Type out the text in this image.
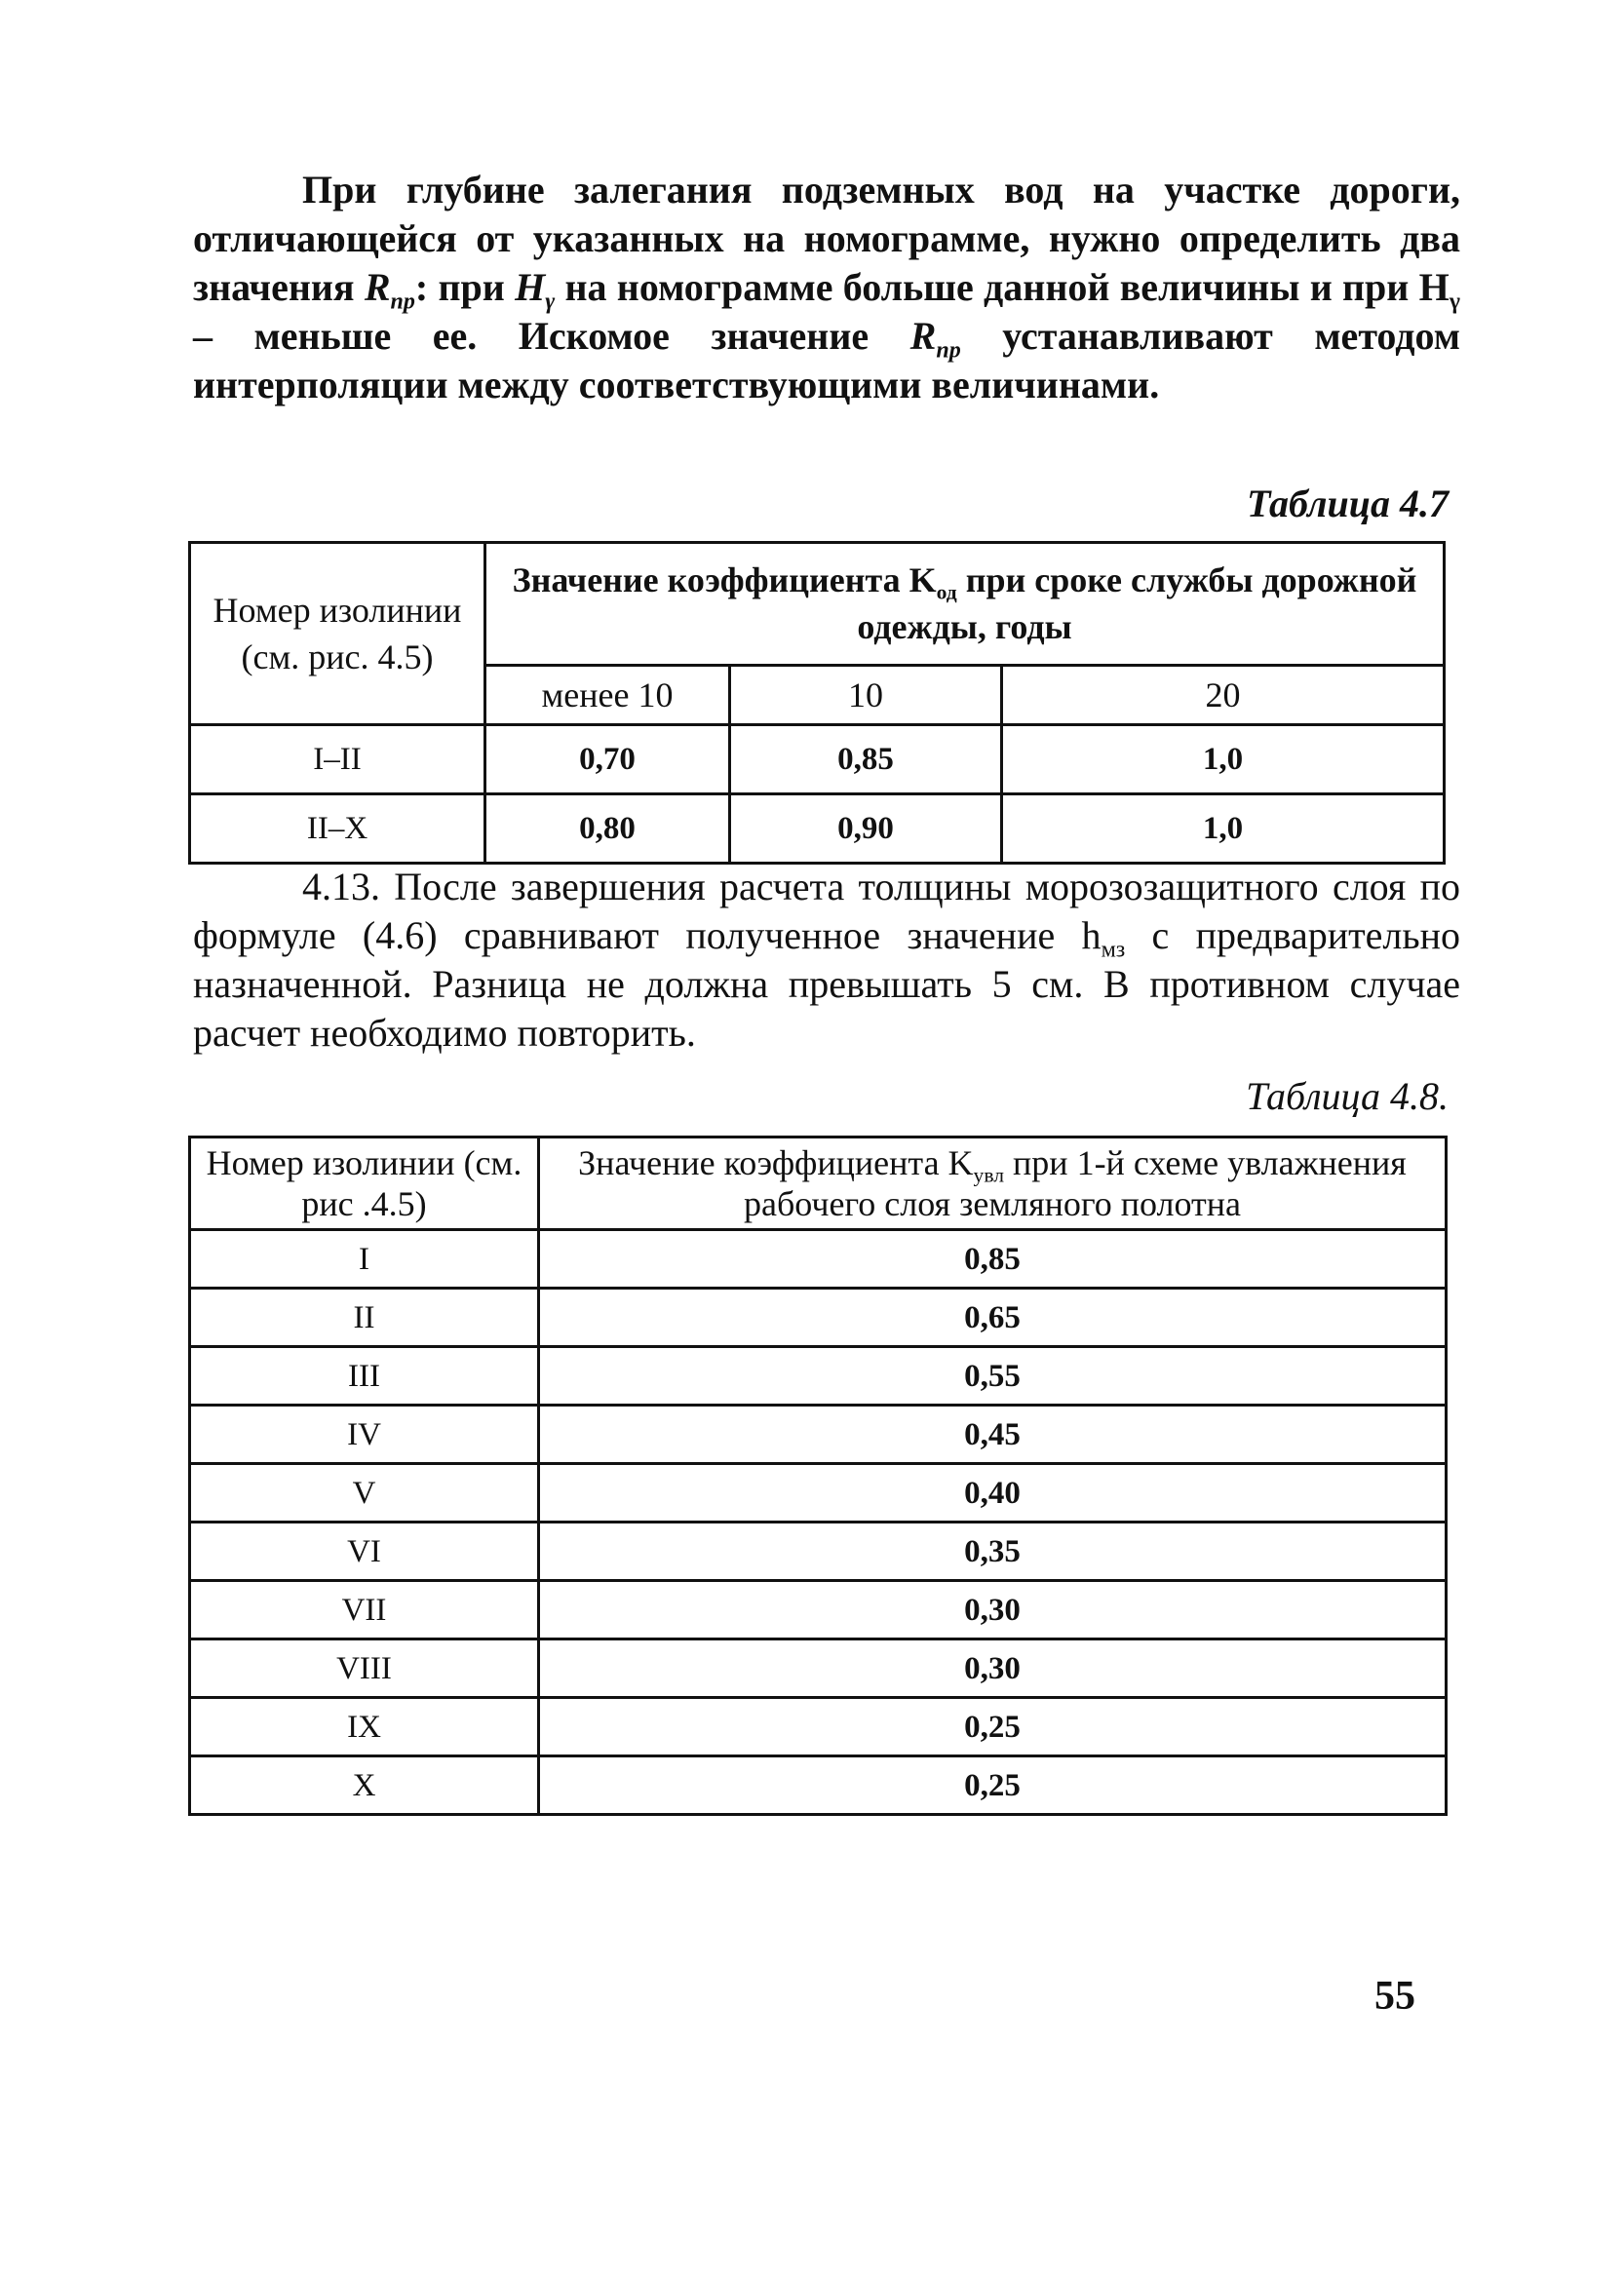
При глубине залегания подземных вод на участке дороги, отличающейся от указанных на номограмме, нужно определить два значения $R_{пр}$: при $H_\gamma$ на номограмме больше данной величины и при $H_\gamma$ – меньше ее. Искомое значение $R_{пр}$ устанавливают методом интерполяции между соответствующими величинами.

Таблица 4.7
Номер изолинии (см. рис. 4.5)	Значение коэффициента $K_{од}$ при сроке службы дорожной одежды, годы		
	менее 10	10	20
I–II	0,70	0,85	1,0
II–X	0,80	0,90	1,0

4.13. После завершения расчета толщины морозозащитного слоя по формуле (4.6) сравнивают полученное значение $h_{мз}$ с предварительно назначенной. Разница не должна превышать 5 см. В противном случае расчет необходимо повторить.

Таблица 4.8.
Номер изолинии (см. рис .4.5)	Значение коэффициента $K_{увл}$ при 1-й схеме увлажнения рабочего слоя земляного полотна
I	0,85
II	0,65
III	0,55
IV	0,45
V	0,40
VI	0,35
VII	0,30
VIII	0,30
IX	0,25
X	0,25
55
